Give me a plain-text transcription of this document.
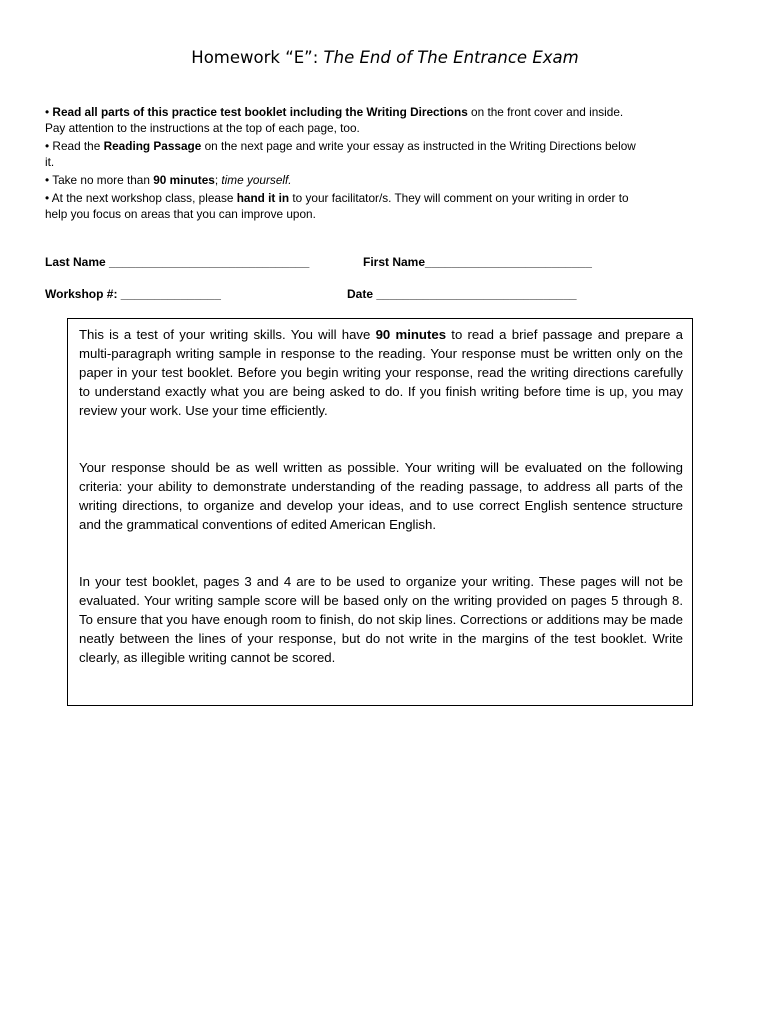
Homework “E”: The End of The Entrance Exam

• Read all parts of this practice test booklet including the Writing Directions on the front cover and inside. Pay attention to the instructions at the top of each page, too.

• Read the Reading Passage on the next page and write your essay as instructed in the Writing Directions below it.

• Take no more than 90 minutes; time yourself.

• At the next workshop class, please hand it in to your facilitator/s. They will comment on your writing in order to help you focus on areas that you can improve upon.

Last Name ______________________________	First Name_________________________
Workshop #: _______________	Date ______________________________

This is a test of your writing skills. You will have 90 minutes to read a brief passage and prepare a multi-paragraph writing sample in response to the reading. Your response must be written only on the paper in your test booklet. Before you begin writing your response, read the writing directions carefully to understand exactly what you are being asked to do. If you finish writing before time is up, you may review your work. Use your time efficiently.

Your response should be as well written as possible. Your writing will be evaluated on the following criteria: your ability to demonstrate understanding of the reading passage, to address all parts of the writing directions, to organize and develop your ideas, and to use correct English sentence structure and the grammatical conventions of edited American English.

In your test booklet, pages 3 and 4 are to be used to organize your writing. These pages will not be evaluated. Your writing sample score will be based only on the writing provided on pages 5 through 8. To ensure that you have enough room to finish, do not skip lines. Corrections or additions may be made neatly between the lines of your response, but do not write in the margins of the test booklet. Write clearly, as illegible writing cannot be scored.
